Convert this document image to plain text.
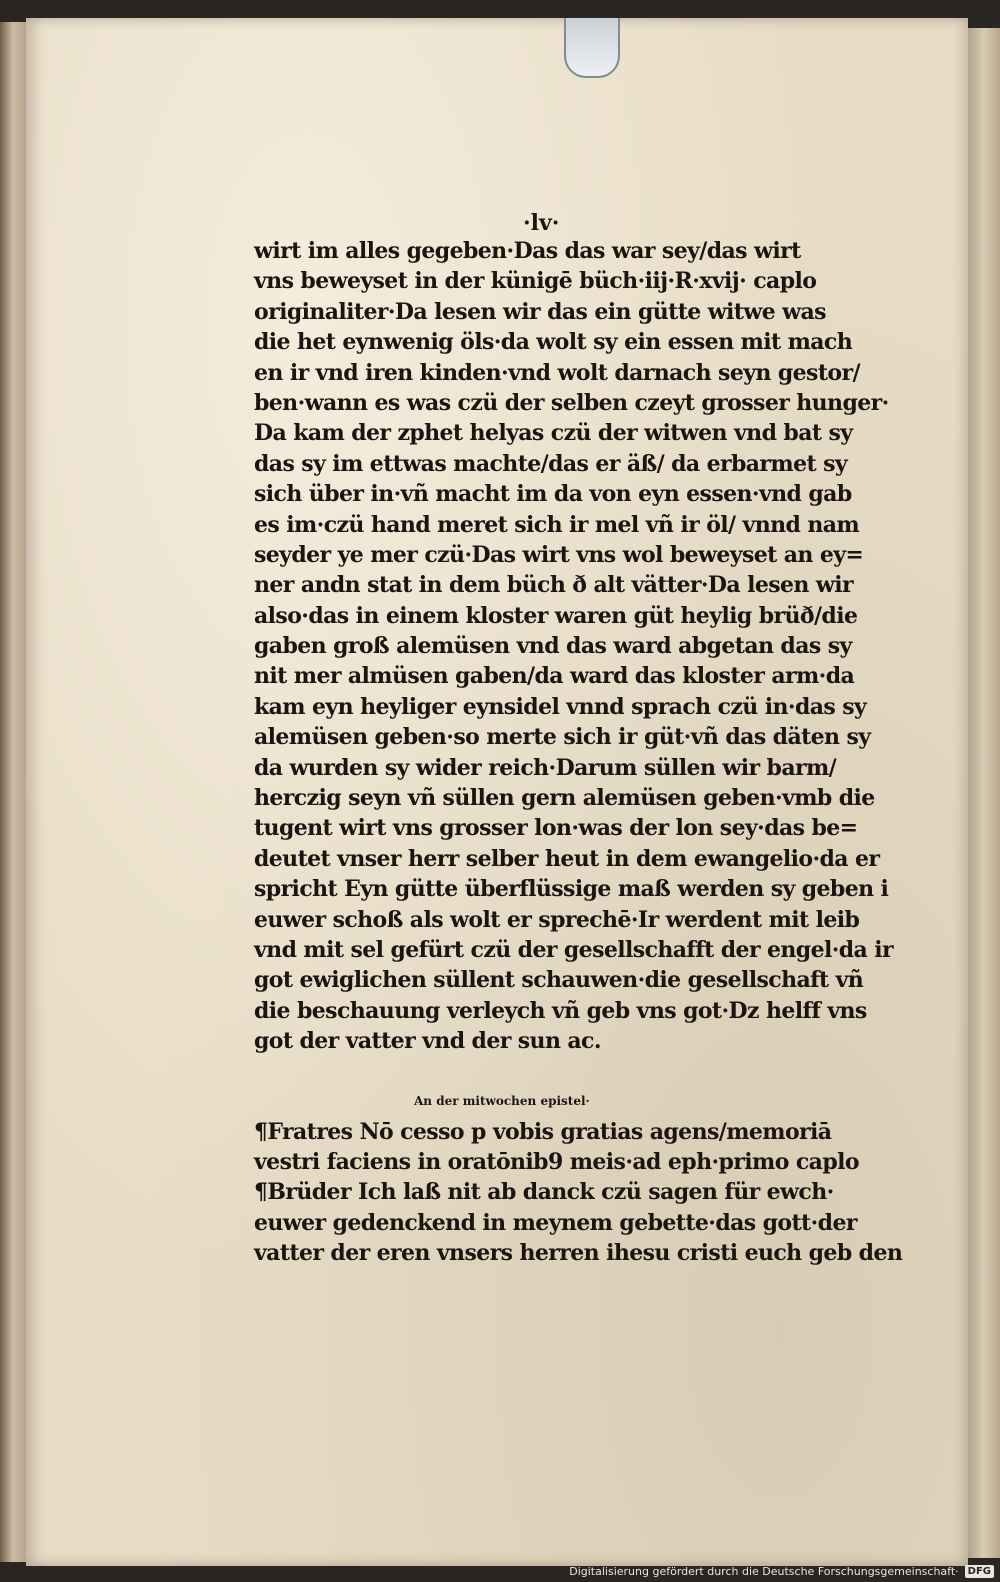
·lv·
wirt im alles gegeben·Das das war sey/das wirt
vns beweyset in der künigē büch·iij·R·xvij· caplo
originaliter·Da lesen wir das ein gütte witwe was
die het eynwenig öls·da wolt sy ein essen mit mach
en ir vnd iren kinden·vnd wolt darnach seyn gestor/
ben·wann es was czü der selben czeyt grosser hunger·
Da kam der zphet helyas czü der witwen vnd bat sy
das sy im ettwas machte/das er äß/ da erbarmet sy
sich über in·vñ macht im da von eyn essen·vnd gab
es im·czü hand meret sich ir mel vñ ir öl/ vnnd nam
seyder ye mer czü·Das wirt vns wol beweyset an ey=
ner andn stat in dem büch ð alt vätter·Da lesen wir
also·das in einem kloster waren güt heylig brüð/die
gaben groß alemüsen vnd das ward abgetan das sy
nit mer almüsen gaben/da ward das kloster arm·da
kam eyn heyliger eynsidel vnnd sprach czü in·das sy
alemüsen geben·so merte sich ir güt·vñ das däten sy
da wurden sy wider reich·Darum süllen wir barm/
herczig seyn vñ süllen gern alemüsen geben·vmb die
tugent wirt vns grosser lon·was der lon sey·das be=
deutet vnser herr selber heut in dem ewangelio·da er
spricht Eyn gütte überflüssige maß werden sy geben i
euwer schoß als wolt er sprechē·Ir werdent mit leib
vnd mit sel gefürt czü der gesellschafft der engel·da ir
got ewiglichen süllent schauwen·die gesellschaft vñ
die beschauung verleych vñ geb vns got·Dz helff vns
got der vatter vnd der sun ac.
An der mitwochen epistel·
¶Fratres Nō cesso p vobis gratias agens/memoriā
vestri faciens in oratōnib9 meis·ad eph·primo caplo
¶Brüder Ich laß nit ab danck czü sagen für ewch·
euwer gedenckend in meynem gebette·das gott·der
vatter der eren vnsers herren ihesu cristi euch geb den
Digitalisierung gefördert durch die Deutsche Forschungsgemeinschaft· DFG
